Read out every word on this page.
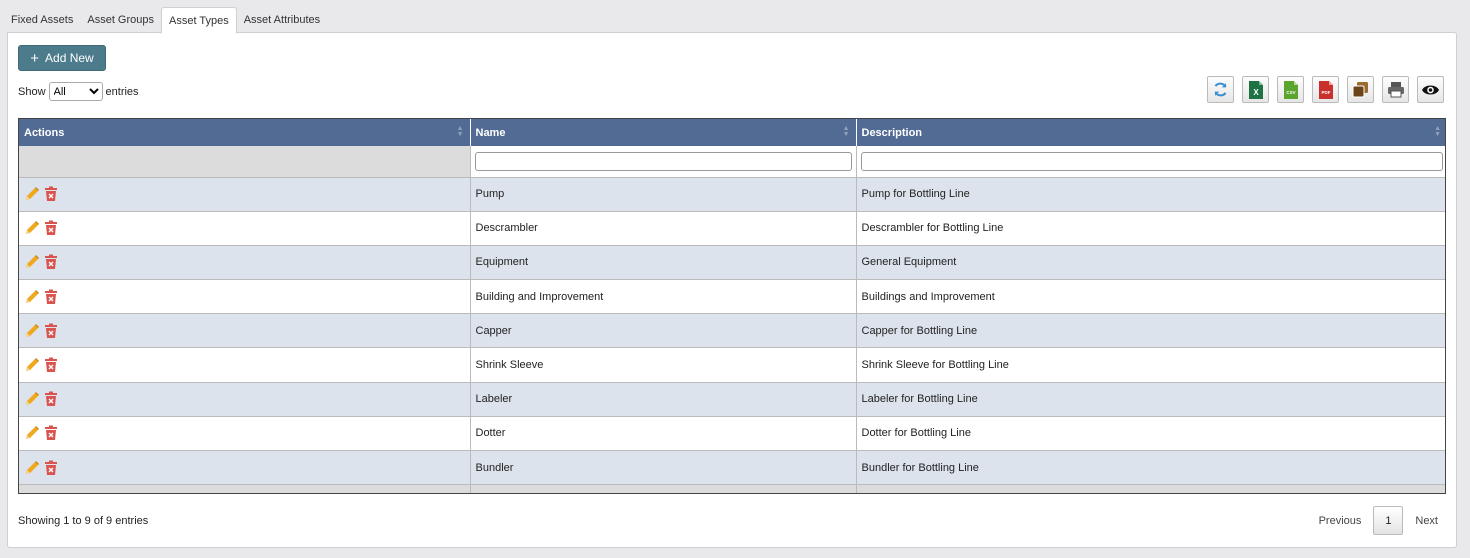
Fixed Assets	Asset Groups	Asset Types	Asset Attributes
+ Add New
Show
All	entries	X	CSV	PDF
Actions ▲
▼	Name ▲
▼	Description ▲
▼

	Pump	Pump for Bottling Line

	Descrambler	Descrambler for Bottling Line

	Equipment	General Equipment

	Building and Improvement	Buildings and Improvement

	Capper	Capper for Bottling Line

	Shrink Sleeve	Shrink Sleeve for Bottling Line

	Labeler	Labeler for Bottling Line

	Dotter	Dotter for Bottling Line

	Bundler	Bundler for Bottling Line

Showing 1 to 9 of 9 entries	Previous	1	Next
